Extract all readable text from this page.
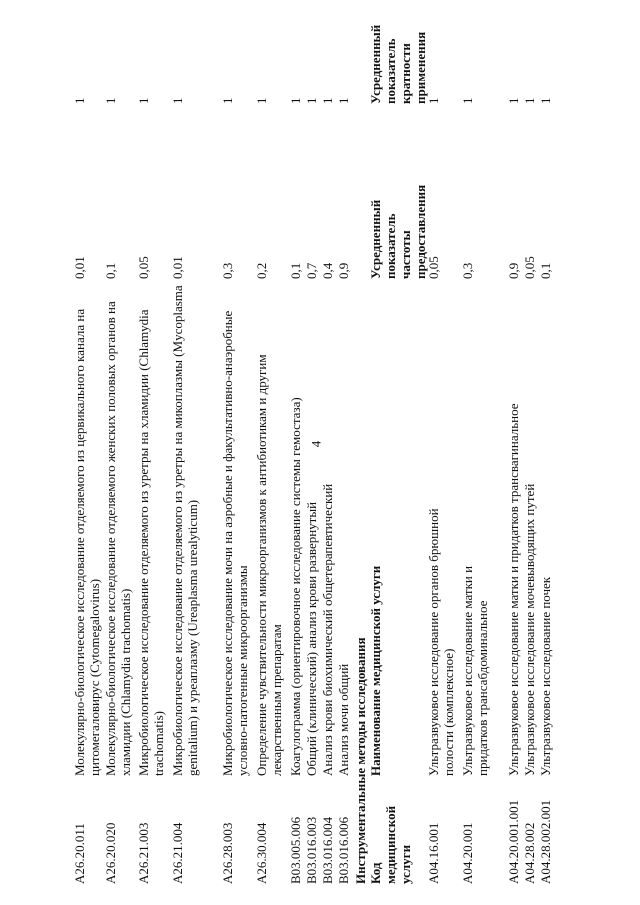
4
A26.20.011
Молекулярно-биологическое исследование отделяемого из цервикального канала на цитомегаловирус (Cytomegalovirus)
0,01
1
A26.20.020
Молекулярно-биологическое исследование отделяемого женских половых органов на хламидии (Chlamydia trachomatis)
0,1
1
A26.21.003
Микробиологическое исследование отделяемого из уретры на хламидии (Chlamydia trachomatis)
0,05
1
A26.21.004
Микробиологическое исследование отделяемого из уретры на микоплазмы (Mycoplasma genitalium) и уреаплазму (Ureaplasma urealyticum)
0,01
1
A26.28.003
Микробиологическое исследование мочи на аэробные и факультативно-анаэробные условно-патогенные микроорганизмы
0,3
1
A26.30.004
Определение чувствительности микроорганизмов к антибиотикам и другим лекарственным препаратам
0,2
1
B03.005.006
Коагулограмма (ориентировочное исследование системы гемостаза)
0,1
1
B03.016.003
Общий (клинический) анализ крови развернутый
0,7
1
B03.016.004
Анализ крови биохимический общетерапевтический
0,4
1
B03.016.006
Анализ мочи общий
0,9
1
Инструментальные методы исследования Код медицинской услуги
Наименование медицинской услуги
Усредненный показатель частоты предоставления
Усредненный показатель кратности применения
A04.16.001
Ультразвуковое исследование органов брюшной полости (комплексное)
0,05
1
A04.20.001
Ультразвуковое исследование матки и придатков трансабдоминальное
0,3
1
A04.20.001.001
Ультразвуковое исследование матки и придатков трансвагинальное
0,9
1
A04.28.002
Ультразвуковое исследование мочевыводящих путей
0,05
1
A04.28.002.001
Ультразвуковое исследование почек
0,1
1
